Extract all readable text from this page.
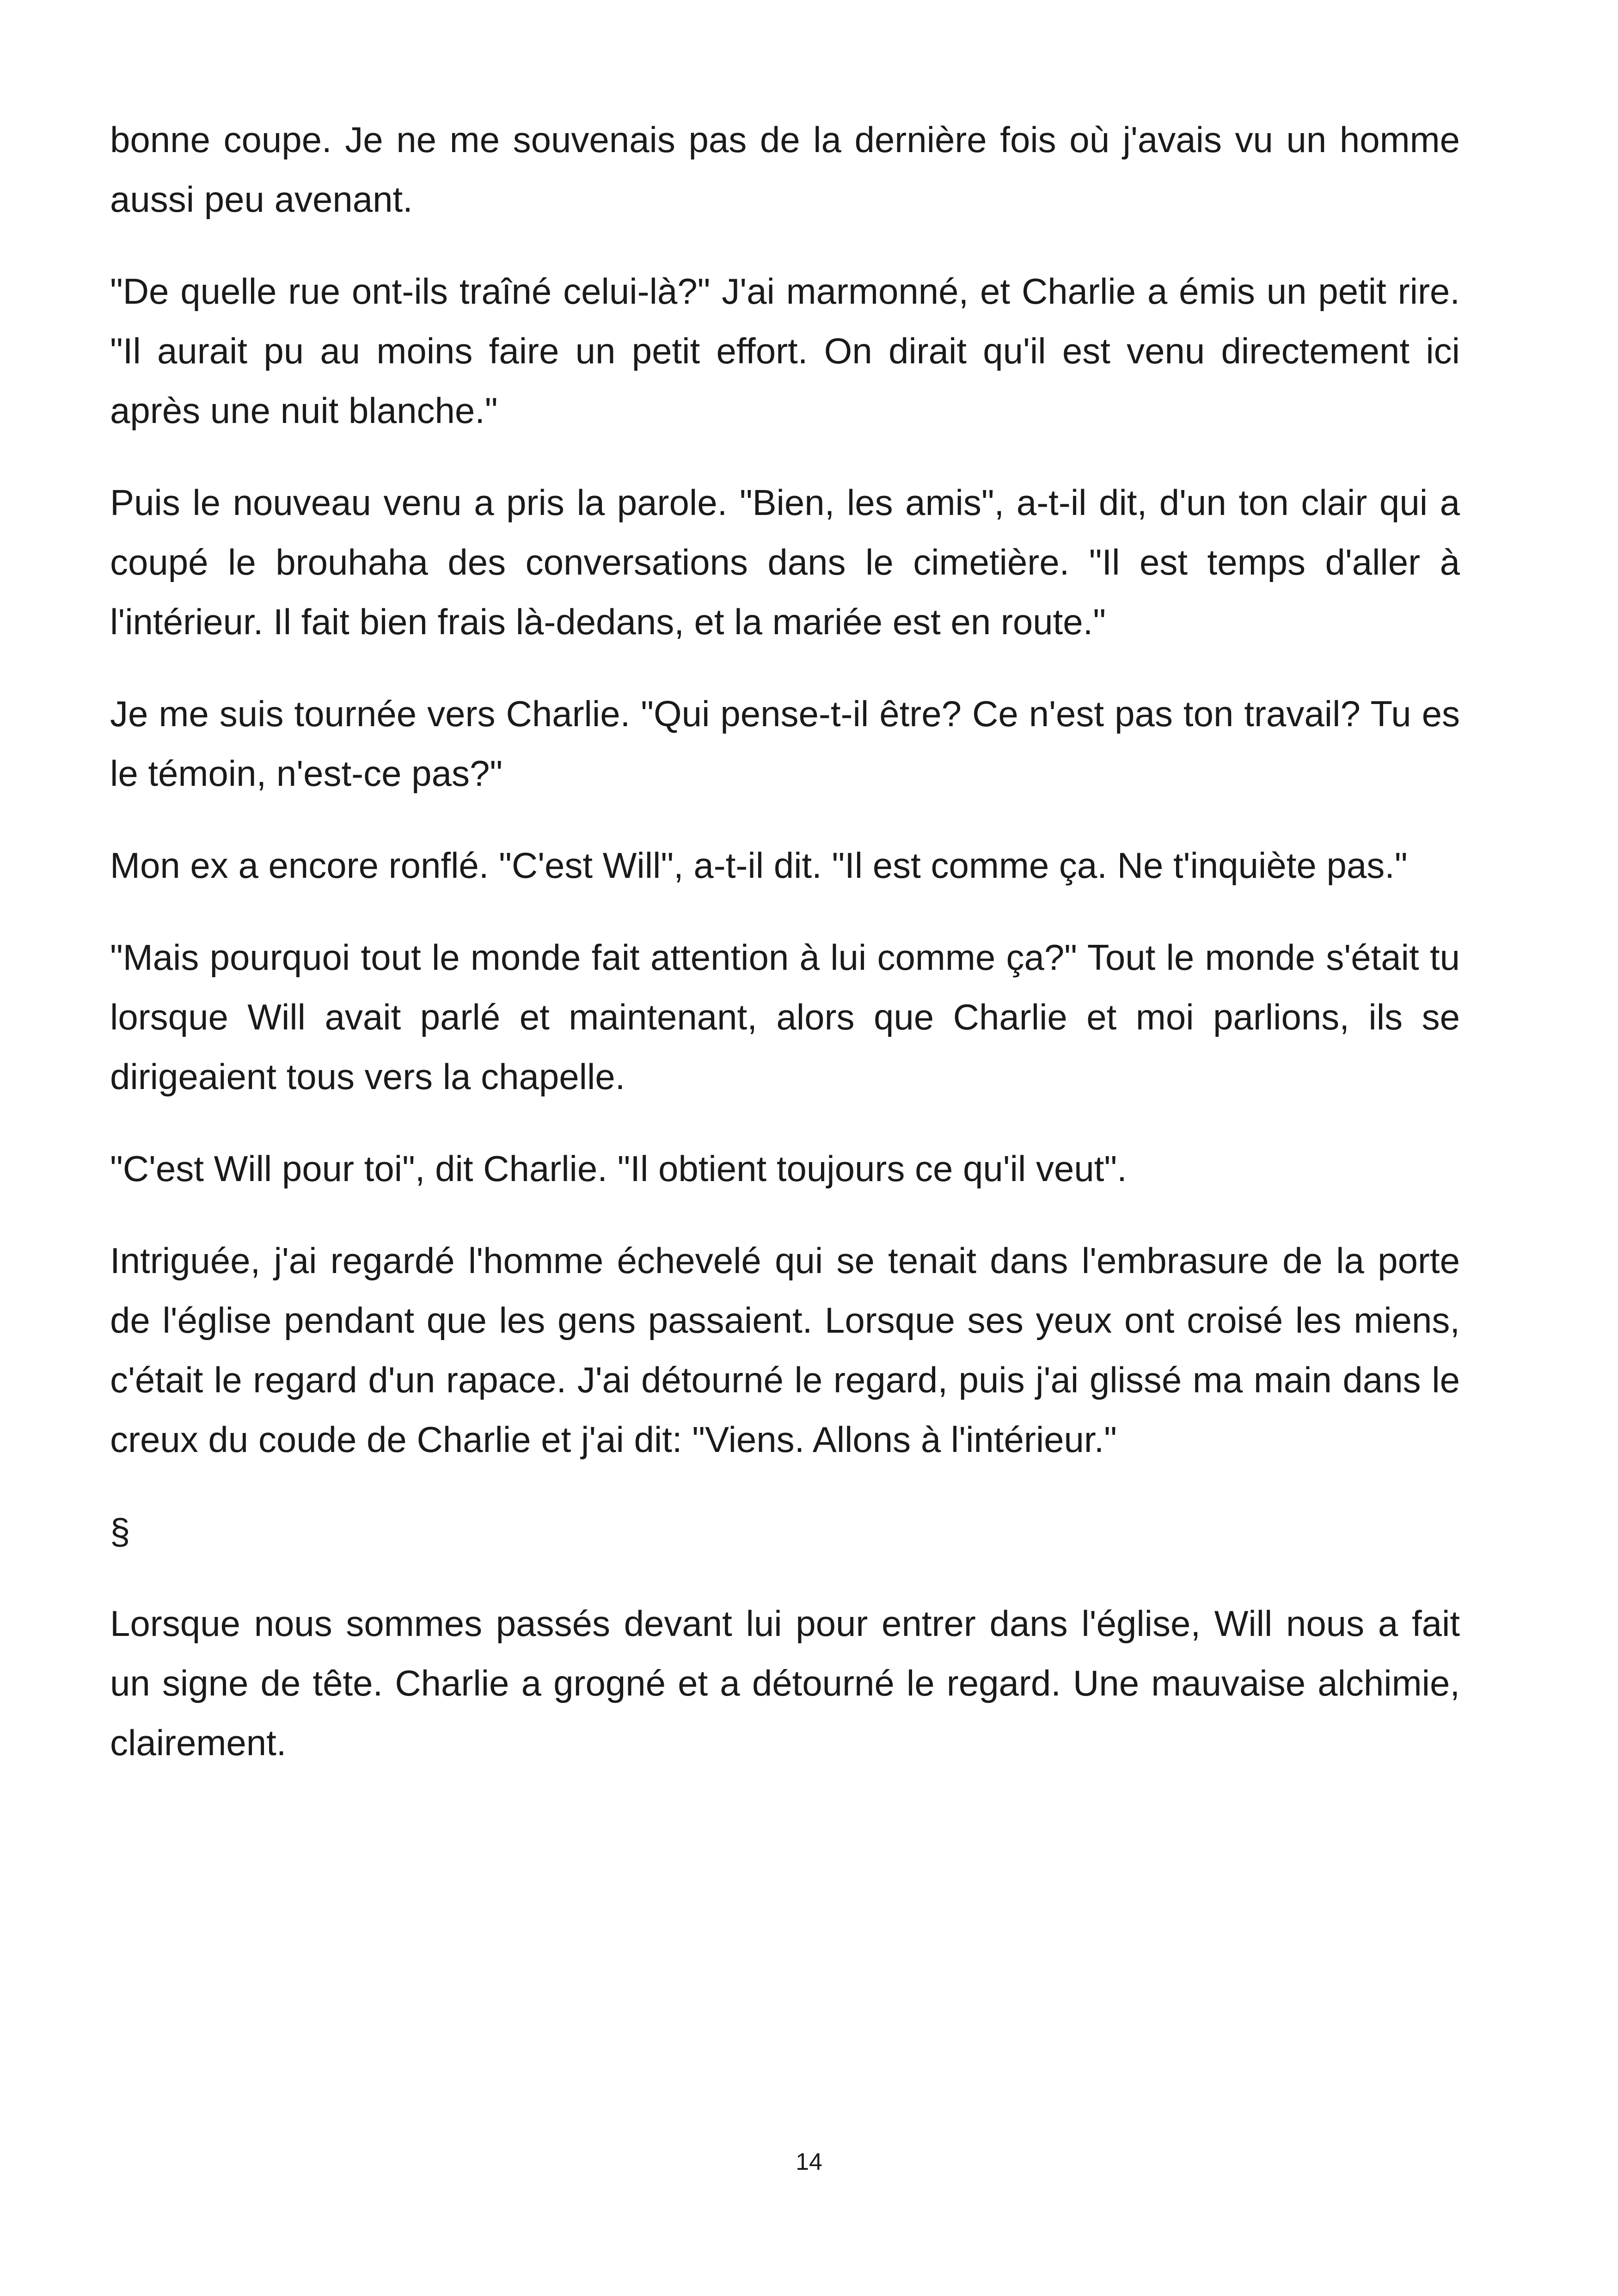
bonne coupe. Je ne me souvenais pas de la dernière fois où j'avais vu un homme aussi peu avenant.

"De quelle rue ont-ils traîné celui-là?" J'ai marmonné, et Charlie a émis un petit rire. "Il aurait pu au moins faire un petit effort. On dirait qu'il est venu directement ici après une nuit blanche."

Puis le nouveau venu a pris la parole. "Bien, les amis", a-t-il dit, d'un ton clair qui a coupé le brouhaha des conversations dans le cimetière. "Il est temps d'aller à l'intérieur. Il fait bien frais là-dedans, et la mariée est en route."

Je me suis tournée vers Charlie. "Qui pense-t-il être? Ce n'est pas ton travail? Tu es le témoin, n'est-ce pas?"

Mon ex a encore ronflé. "C'est Will", a-t-il dit. "Il est comme ça. Ne t'inquiète pas."

"Mais pourquoi tout le monde fait attention à lui comme ça?" Tout le monde s'était tu lorsque Will avait parlé et maintenant, alors que Charlie et moi parlions, ils se dirigeaient tous vers la chapelle.

"C'est Will pour toi", dit Charlie. "Il obtient toujours ce qu'il veut".

Intriguée, j'ai regardé l'homme échevelé qui se tenait dans l'embrasure de la porte de l'église pendant que les gens passaient. Lorsque ses yeux ont croisé les miens, c'était le regard d'un rapace. J'ai détourné le regard, puis j'ai glissé ma main dans le creux du coude de Charlie et j'ai dit: "Viens. Allons à l'intérieur."

§

Lorsque nous sommes passés devant lui pour entrer dans l'église, Will nous a fait un signe de tête. Charlie a grogné et a détourné le regard. Une mauvaise alchimie, clairement.

14
